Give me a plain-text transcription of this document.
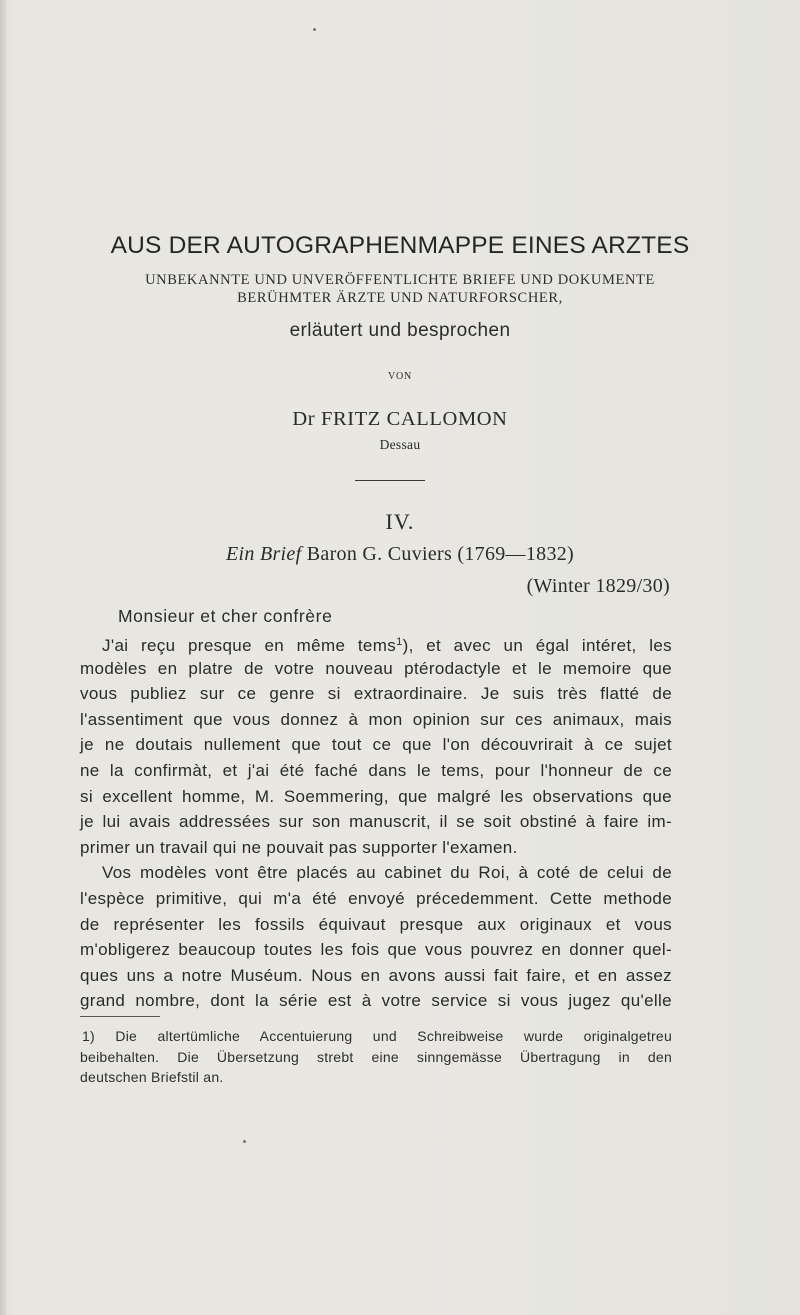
AUS DER AUTOGRAPHENMAPPE EINES ARZTES
UNBEKANNTE UND UNVERÖFFENTLICHTE BRIEFE UND DOKUMENTE
BERÜHMTER ÄRZTE UND NATURFORSCHER,
erläutert und besprochen
VON
Dr FRITZ CALLOMON
Dessau
IV.
Ein Brief Baron G. Cuviers (1769—1832)
(Winter 1829/30)
Monsieur et cher confrère
J'ai reçu presque en même tems$^1$), et avec un égal intéret, les
modèles en platre de votre nouveau ptérodactyle et le memoire que
vous publiez sur ce genre si extraordinaire. Je suis très flatté de
l'assentiment que vous donnez à mon opinion sur ces animaux, mais
je ne doutais nullement que tout ce que l'on découvrirait à ce sujet
ne la confirmàt, et j'ai été faché dans le tems, pour l'honneur de ce
si excellent homme, M. Soemmering, que malgré les observations que
je lui avais addressées sur son manuscrit, il se soit obstiné à faire im-
primer un travail qui ne pouvait pas supporter l'examen.
Vos modèles vont être placés au cabinet du Roi, à coté de celui de
l'espèce primitive, qui m'a été envoyé précedemment. Cette methode
de représenter les fossils équivaut presque aux originaux et vous
m'obligerez beaucoup toutes les fois que vous pouvrez en donner quel-
ques uns a notre Muséum. Nous en avons aussi fait faire, et en assez
grand nombre, dont la série est à votre service si vous jugez qu'elle
1) Die altertümliche Accentuierung und Schreibweise wurde originalgetreu
beibehalten. Die Übersetzung strebt eine sinngemässe Übertragung in den
deutschen Briefstil an.
